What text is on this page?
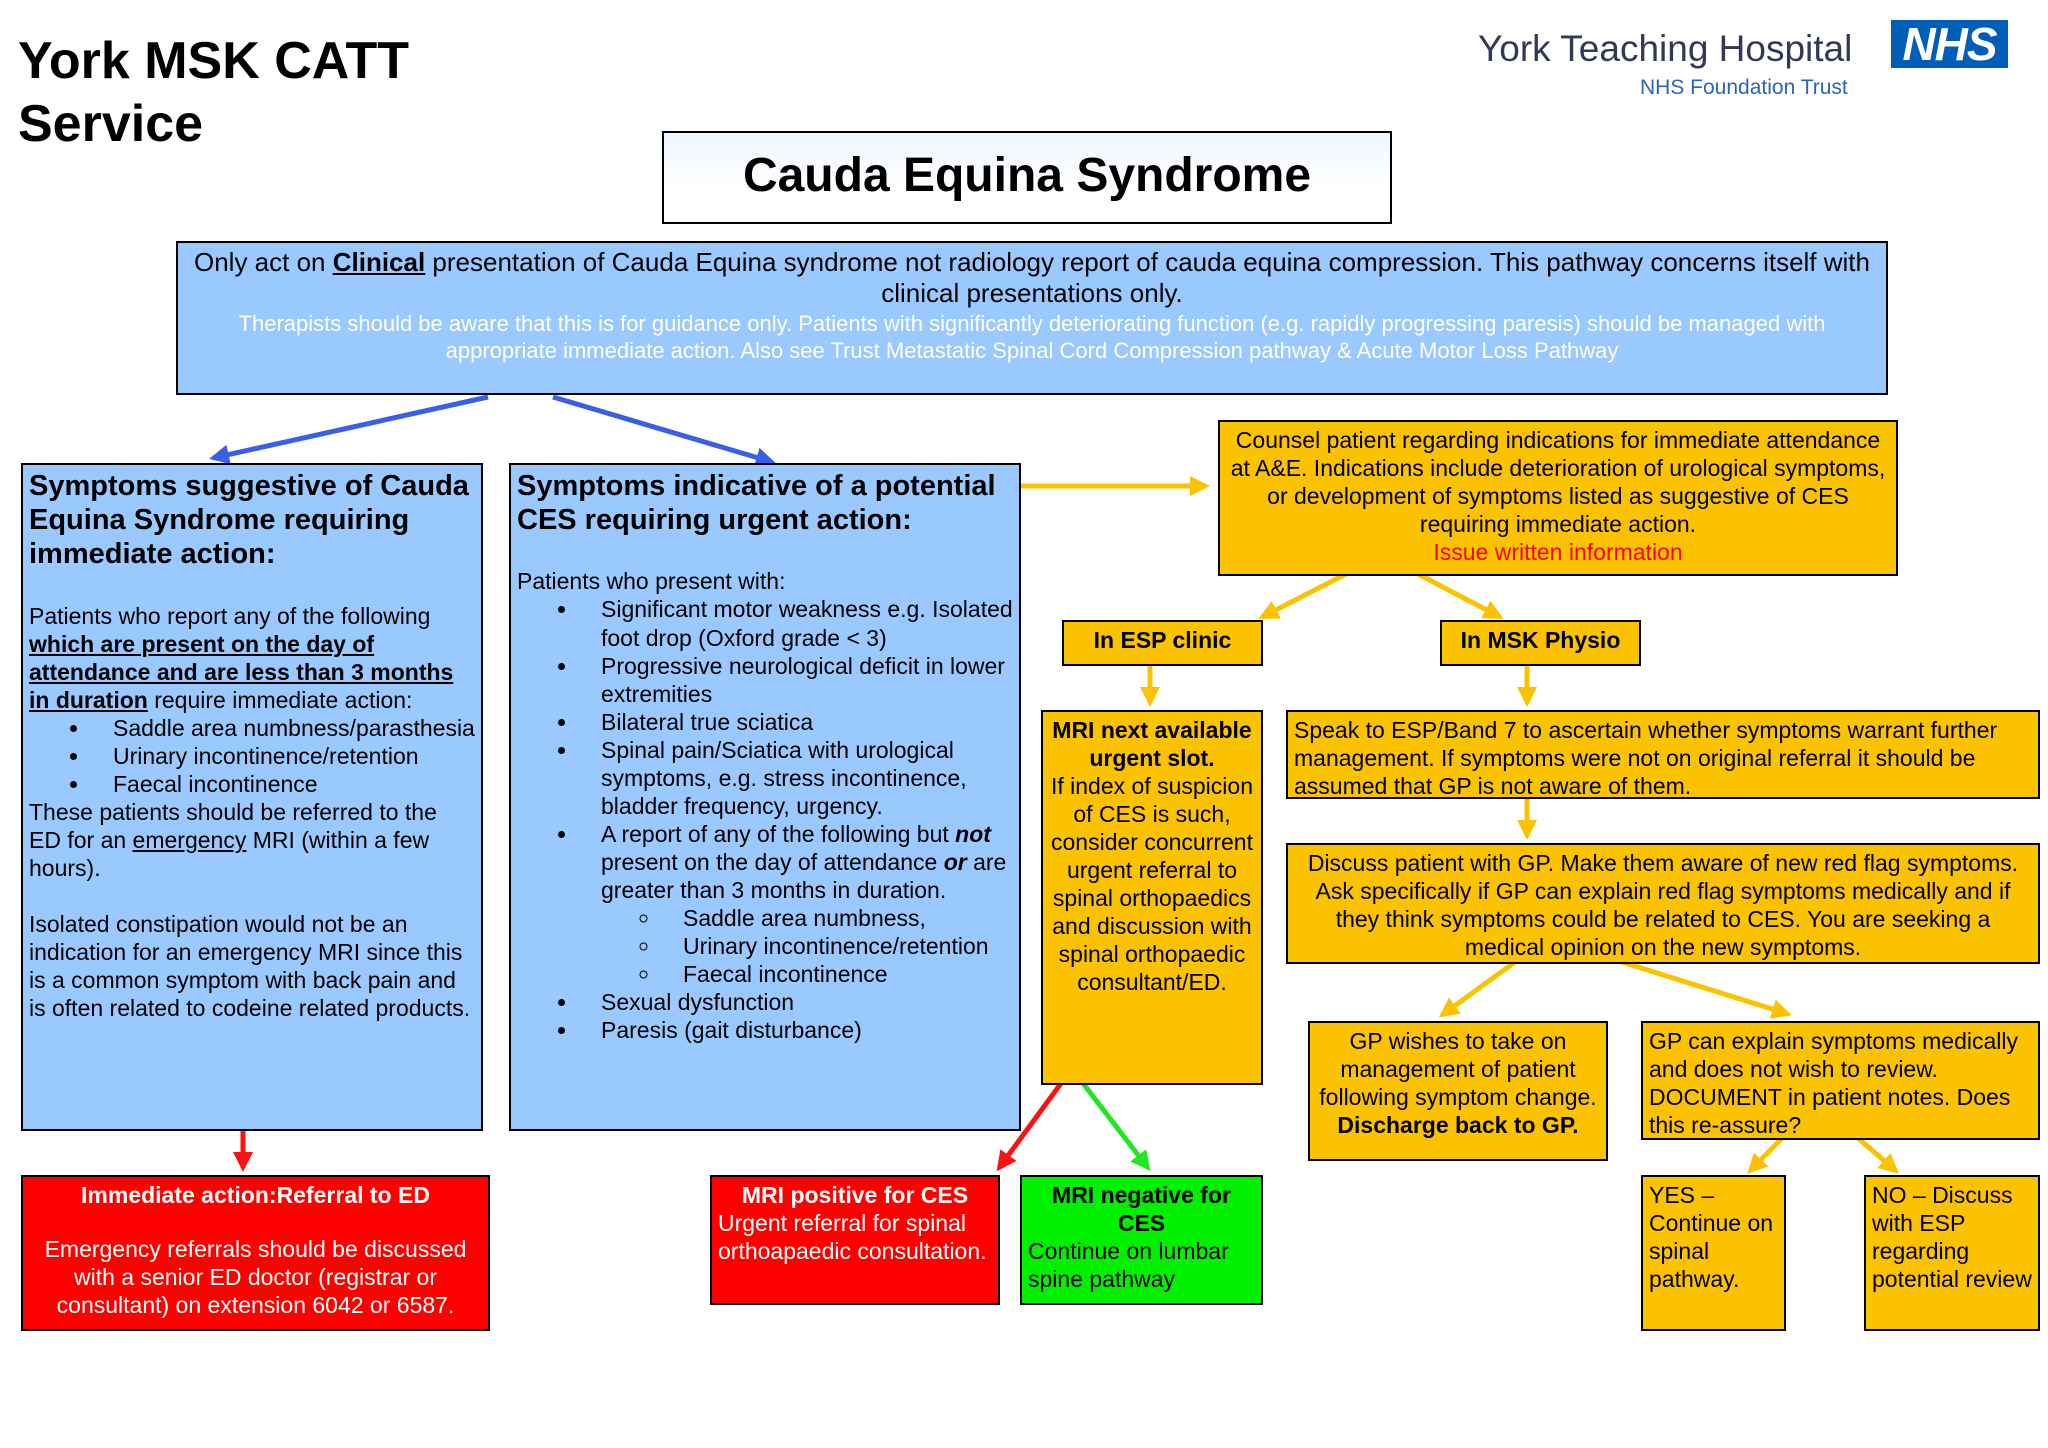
York MSK CATT
Service
York Teaching Hospital
NHS Foundation Trust
NHS
Cauda Equina Syndrome
Only act on Clinical presentation of Cauda Equina syndrome not radiology report of cauda equina compression. This pathway concerns itself with clinical presentations only.
Therapists should be aware that this is for guidance only. Patients with significantly deteriorating function (e.g. rapidly progressing paresis) should be managed with appropriate immediate action. Also see Trust Metastatic Spinal Cord Compression pathway & Acute Motor Loss Pathway
Symptoms suggestive of Cauda Equina Syndrome requiring immediate action:
Patients who report any of the following which are present on the day of attendance and are less than 3 months in duration require immediate action:
• Saddle area numbness/parasthesia
• Urinary incontinence/retention
• Faecal incontinence
These patients should be referred to the ED for an emergency MRI (within a few hours).
Isolated constipation would not be an indication for an emergency MRI since this is a common symptom with back pain and is often related to codeine related products.
Symptoms indicative of a potential CES requiring urgent action:
Patients who present with:
• Significant motor weakness e.g. Isolated foot drop (Oxford grade < 3)
• Progressive neurological deficit in lower extremities
• Bilateral true sciatica
• Spinal pain/Sciatica with urological symptoms, e.g. stress incontinence, bladder frequency, urgency.
• A report of any of the following but not present on the day of attendance or are greater than 3 months in duration.
◦ Saddle area numbness,
◦ Urinary incontinence/retention
◦ Faecal incontinence
• Sexual dysfunction
• Paresis (gait disturbance)
Counsel patient regarding indications for immediate attendance at A&E. Indications include deterioration of urological symptoms, or development of symptoms listed as suggestive of CES requiring immediate action.
Issue written information
In ESP clinic	In MSK Physio
MRI next available urgent slot.
If index of suspicion of CES is such, consider concurrent urgent referral to spinal orthopaedics and discussion with spinal orthopaedic consultant/ED.
Speak to ESP/Band 7 to ascertain whether symptoms warrant further management. If symptoms were not on original referral it should be assumed that GP is not aware of them.
Discuss patient with GP. Make them aware of new red flag symptoms. Ask specifically if GP can explain red flag symptoms medically and if they think symptoms could be related to CES. You are seeking a medical opinion on the new symptoms.
GP wishes to take on management of patient following symptom change.
Discharge back to GP.
GP can explain symptoms medically and does not wish to review. DOCUMENT in patient notes. Does this re-assure?
YES – Continue on spinal pathway.
NO – Discuss with ESP regarding potential review
Immediate action:Referral to ED
Emergency referrals should be discussed with a senior ED doctor (registrar or consultant) on extension 6042 or 6587.
MRI positive for CES
Urgent referral for spinal orthoapaedic consultation.
MRI negative for CES
Continue on lumbar spine pathway
